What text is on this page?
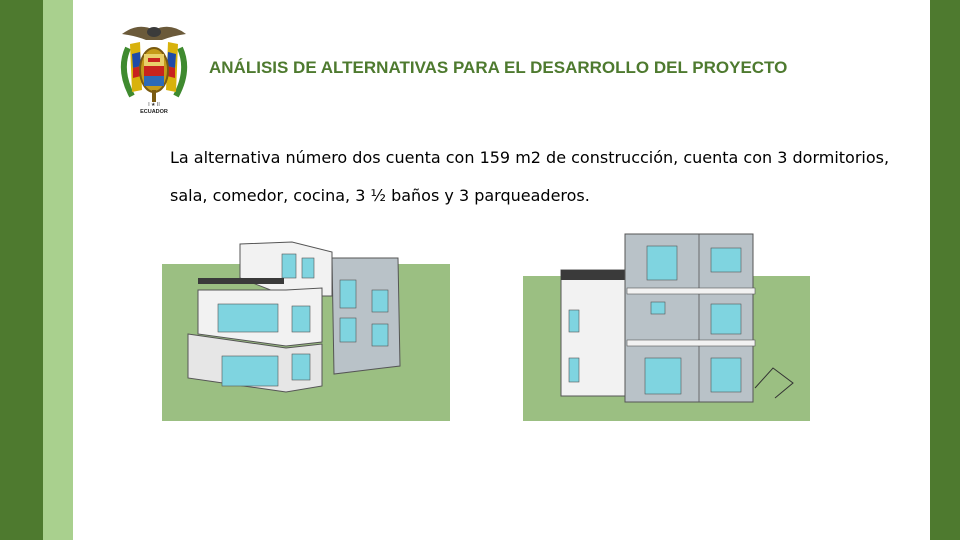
I ★ II
ECUADOR
ANÁLISIS DE ALTERNATIVAS PARA EL DESARROLLO DEL PROYECTO
La alternativa número dos cuenta con 159 m2 de construcción, cuenta con 3 dormitorios, sala, comedor, cocina, 3 ½ baños y 3 parqueaderos.
